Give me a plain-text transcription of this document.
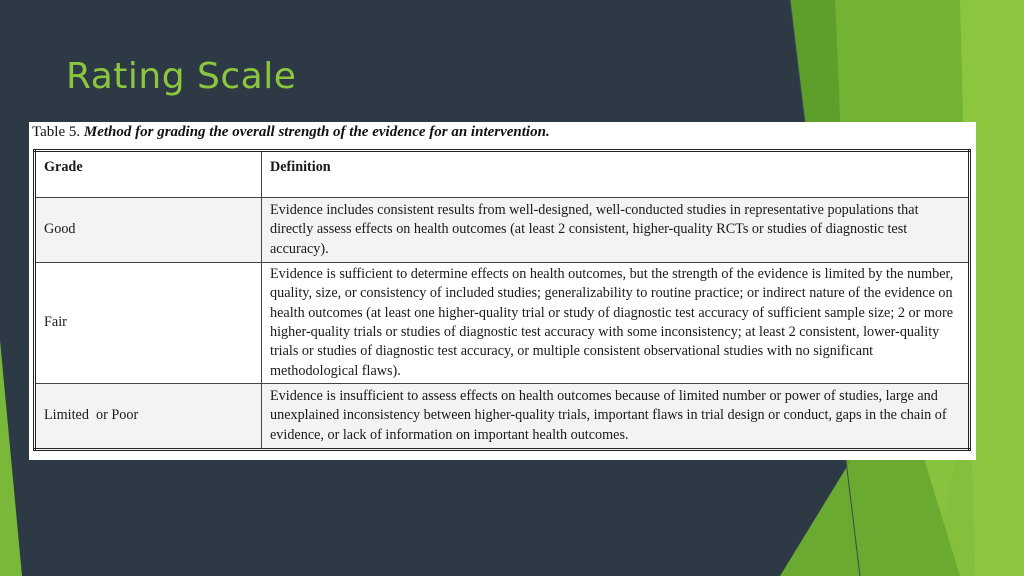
Rating Scale
Table 5. Method for grading the overall strength of the evidence for an intervention.
Grade	Definition
Good	Evidence includes consistent results from well-designed, well-conducted studies in representative populations that directly assess effects on health outcomes (at least 2 consistent, higher-quality RCTs or studies of diagnostic test accuracy).
Fair	Evidence is sufficient to determine effects on health outcomes, but the strength of the evidence is limited by the number, quality, size, or consistency of included studies; generalizability to routine practice; or indirect nature of the evidence on health outcomes (at least one higher-quality trial or study of diagnostic test accuracy of sufficient sample size; 2 or more higher-quality trials or studies of diagnostic test accuracy with some inconsistency; at least 2 consistent, lower-quality trials or studies of diagnostic test accuracy, or multiple consistent observational studies with no significant methodological flaws).
Limited  or Poor	Evidence is insufficient to assess effects on health outcomes because of limited number or power of studies, large and unexplained inconsistency between higher-quality trials, important flaws in trial design or conduct, gaps in the chain of evidence, or lack of information on important health outcomes.
